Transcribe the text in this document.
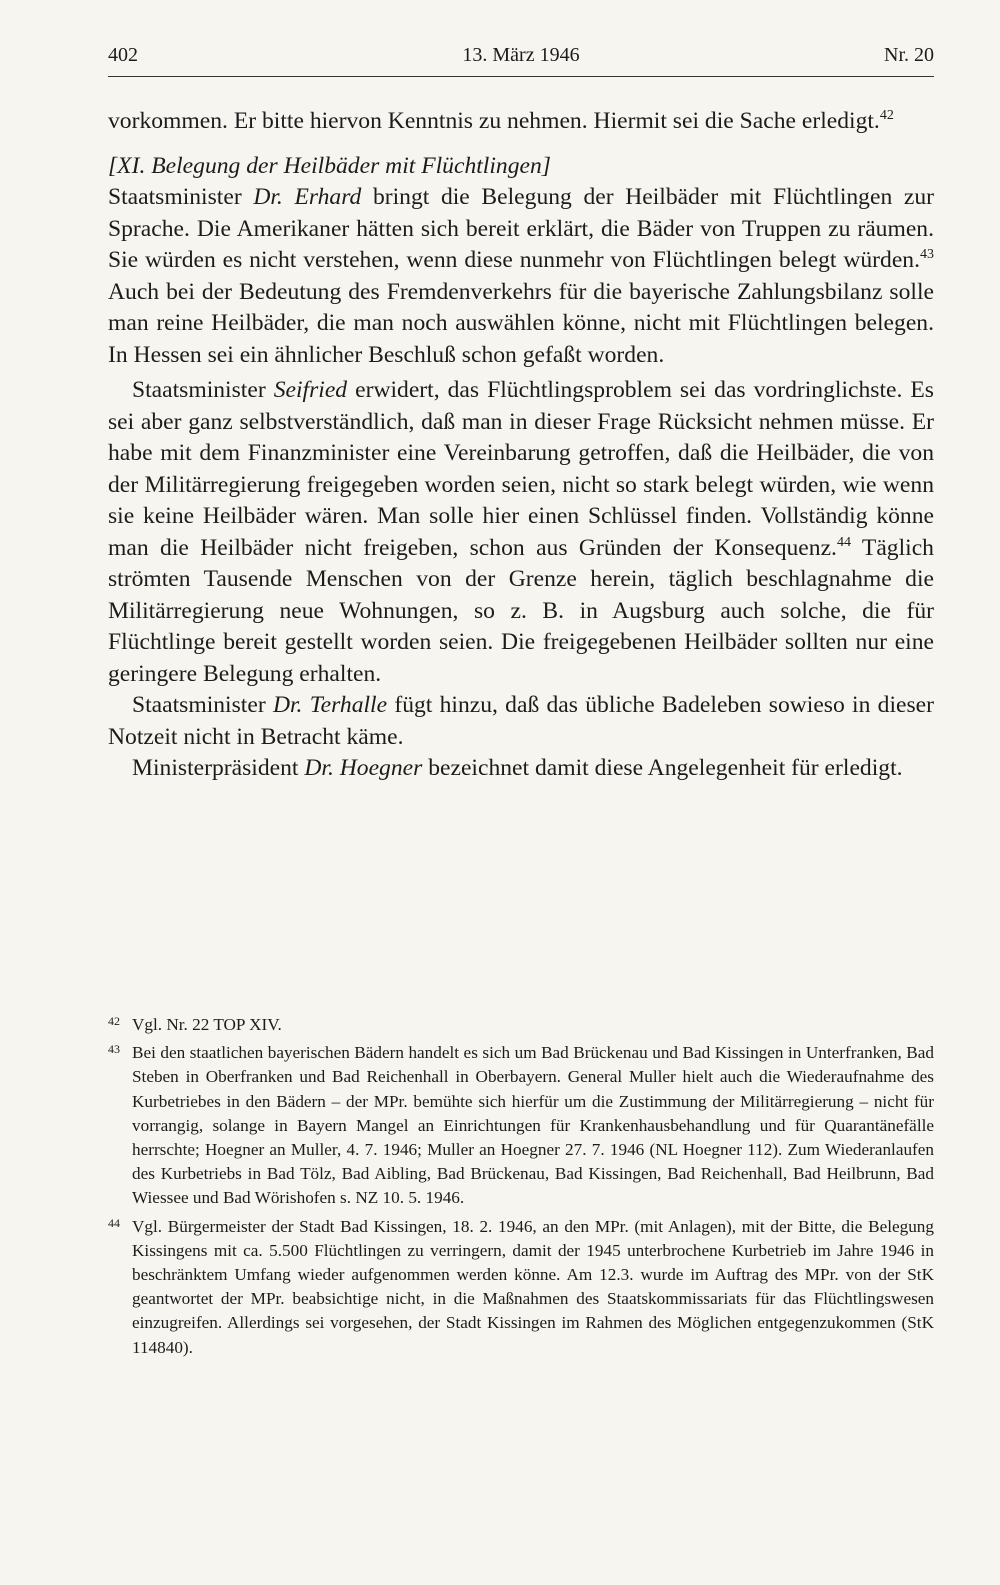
402	13. März 1946	Nr. 20

vorkommen. Er bitte hiervon Kenntnis zu nehmen. Hiermit sei die Sache erledigt.$^{42}$

[XI. Belegung der Heilbäder mit Flüchtlingen]

Staatsminister Dr. Erhard bringt die Belegung der Heilbäder mit Flüchtlingen zur Sprache. Die Amerikaner hätten sich bereit erklärt, die Bäder von Truppen zu räumen. Sie würden es nicht verstehen, wenn diese nunmehr von Flüchtlingen belegt würden.$^{43}$ Auch bei der Bedeutung des Fremdenverkehrs für die bayerische Zahlungsbilanz solle man reine Heilbäder, die man noch auswählen könne, nicht mit Flüchtlingen belegen. In Hessen sei ein ähnlicher Beschluß schon gefaßt worden.

Staatsminister Seifried erwidert, das Flüchtlingsproblem sei das vordringlichste. Es sei aber ganz selbstverständlich, daß man in dieser Frage Rücksicht nehmen müsse. Er habe mit dem Finanzminister eine Vereinbarung getroffen, daß die Heilbäder, die von der Militärregierung freigegeben worden seien, nicht so stark belegt würden, wie wenn sie keine Heilbäder wären. Man solle hier einen Schlüssel finden. Vollständig könne man die Heilbäder nicht freigeben, schon aus Gründen der Konsequenz.$^{44}$ Täglich strömten Tausende Menschen von der Grenze herein, täglich beschlagnahme die Militärregierung neue Wohnungen, so z. B. in Augsburg auch solche, die für Flüchtlinge bereit gestellt worden seien. Die freigegebenen Heilbäder sollten nur eine geringere Belegung erhalten.

Staatsminister Dr. Terhalle fügt hinzu, daß das übliche Badeleben sowieso in dieser Notzeit nicht in Betracht käme.

Ministerpräsident Dr. Hoegner bezeichnet damit diese Angelegenheit für erledigt.

42 Vgl. Nr. 22 TOP XIV.
43 Bei den staatlichen bayerischen Bädern handelt es sich um Bad Brückenau und Bad Kissingen in Unterfranken, Bad Steben in Oberfranken und Bad Reichenhall in Oberbayern. General Muller hielt auch die Wiederaufnahme des Kurbetriebes in den Bädern – der MPr. bemühte sich hierfür um die Zustimmung der Militärregierung – nicht für vorrangig, solange in Bayern Mangel an Einrichtungen für Krankenhausbehandlung und für Quarantänefälle herrschte; Hoegner an Muller, 4. 7. 1946; Muller an Hoegner 27. 7. 1946 (NL Hoegner 112). Zum Wiederanlaufen des Kurbetriebs in Bad Tölz, Bad Aibling, Bad Brückenau, Bad Kissingen, Bad Reichenhall, Bad Heilbrunn, Bad Wiessee und Bad Wörishofen s. NZ 10. 5. 1946.
44 Vgl. Bürgermeister der Stadt Bad Kissingen, 18. 2. 1946, an den MPr. (mit Anlagen), mit der Bitte, die Belegung Kissingens mit ca. 5.500 Flüchtlingen zu verringern, damit der 1945 unterbrochene Kurbetrieb im Jahre 1946 in beschränktem Umfang wieder aufgenommen werden könne. Am 12.3. wurde im Auftrag des MPr. von der StK geantwortet der MPr. beabsichtige nicht, in die Maßnahmen des Staatskommissariats für das Flüchtlingswesen einzugreifen. Allerdings sei vorgesehen, der Stadt Kissingen im Rahmen des Möglichen entgegenzukommen (StK 114840).
